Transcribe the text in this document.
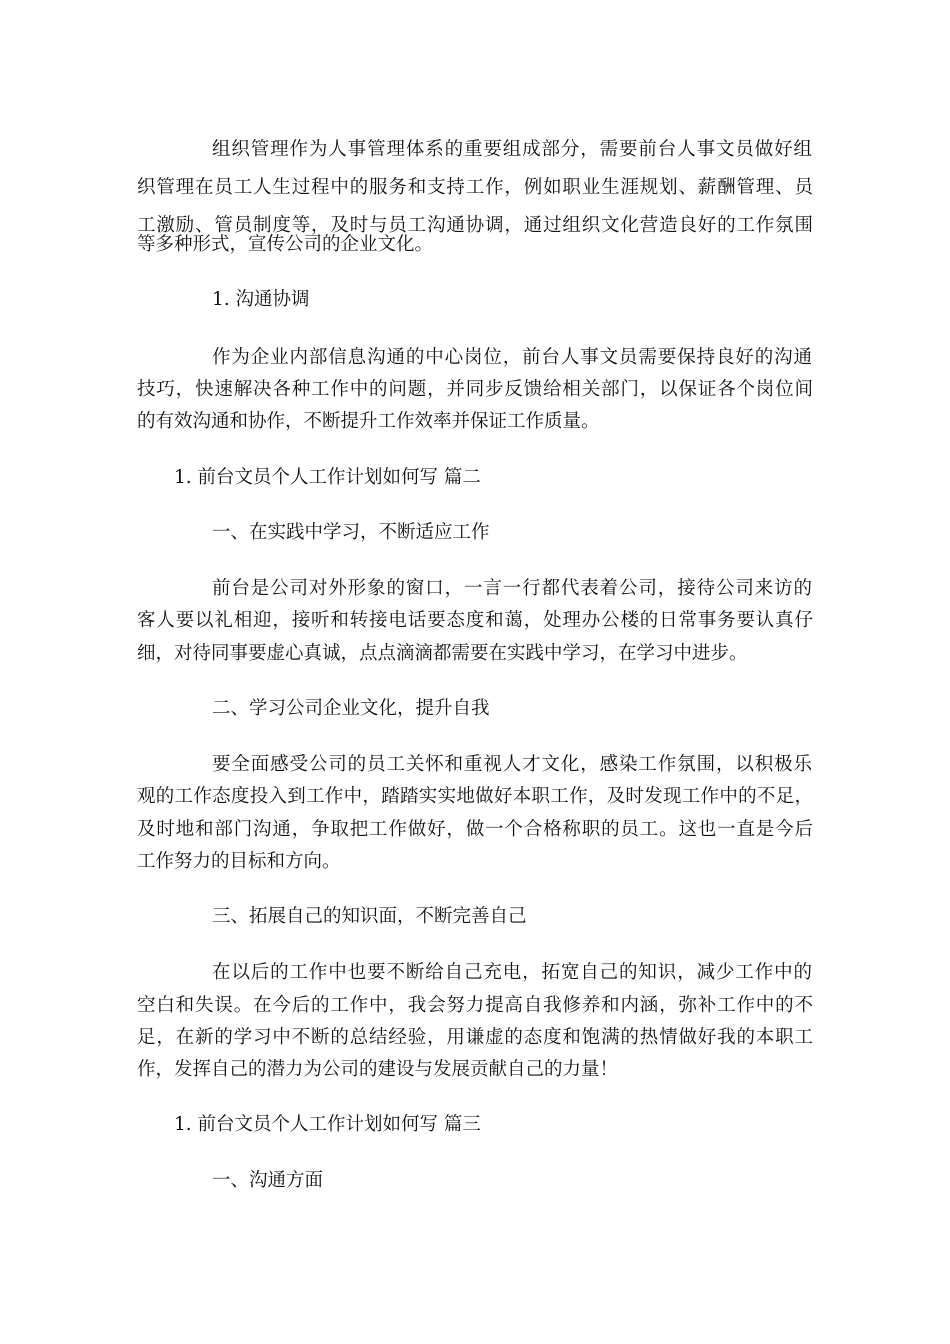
组织管理作为人事管理体系的重要组成部分，需要前台人事文员做好组
织管理在员工人生过程中的服务和支持工作，例如职业生涯规划、薪酬管理、员
工激励、管员制度等，及时与员工沟通协调，通过组织文化营造良好的工作氛围
等多种形式，宣传公司的企业文化。
1. 沟通协调
作为企业内部信息沟通的中心岗位，前台人事文员需要保持良好的沟通
技巧，快速解决各种工作中的问题，并同步反馈给相关部门，以保证各个岗位间
的有效沟通和协作，不断提升工作效率并保证工作质量。
1. 前台文员个人工作计划如何写 篇二
一、在实践中学习，不断适应工作
前台是公司对外形象的窗口，一言一行都代表着公司，接待公司来访的
客人要以礼相迎，接听和转接电话要态度和蔼，处理办公楼的日常事务要认真仔
细，对待同事要虚心真诚，点点滴滴都需要在实践中学习，在学习中进步。
二、学习公司企业文化，提升自我
要全面感受公司的员工关怀和重视人才文化，感染工作氛围，以积极乐
观的工作态度投入到工作中，踏踏实实地做好本职工作，及时发现工作中的不足，
及时地和部门沟通，争取把工作做好，做一个合格称职的员工。这也一直是今后
工作努力的目标和方向。
三、拓展自己的知识面，不断完善自己
在以后的工作中也要不断给自己充电，拓宽自己的知识，减少工作中的
空白和失误。在今后的工作中，我会努力提高自我修养和内涵，弥补工作中的不
足，在新的学习中不断的总结经验，用谦虚的态度和饱满的热情做好我的本职工
作，发挥自己的潜力为公司的建设与发展贡献自己的力量！
1. 前台文员个人工作计划如何写 篇三
一、沟通方面
